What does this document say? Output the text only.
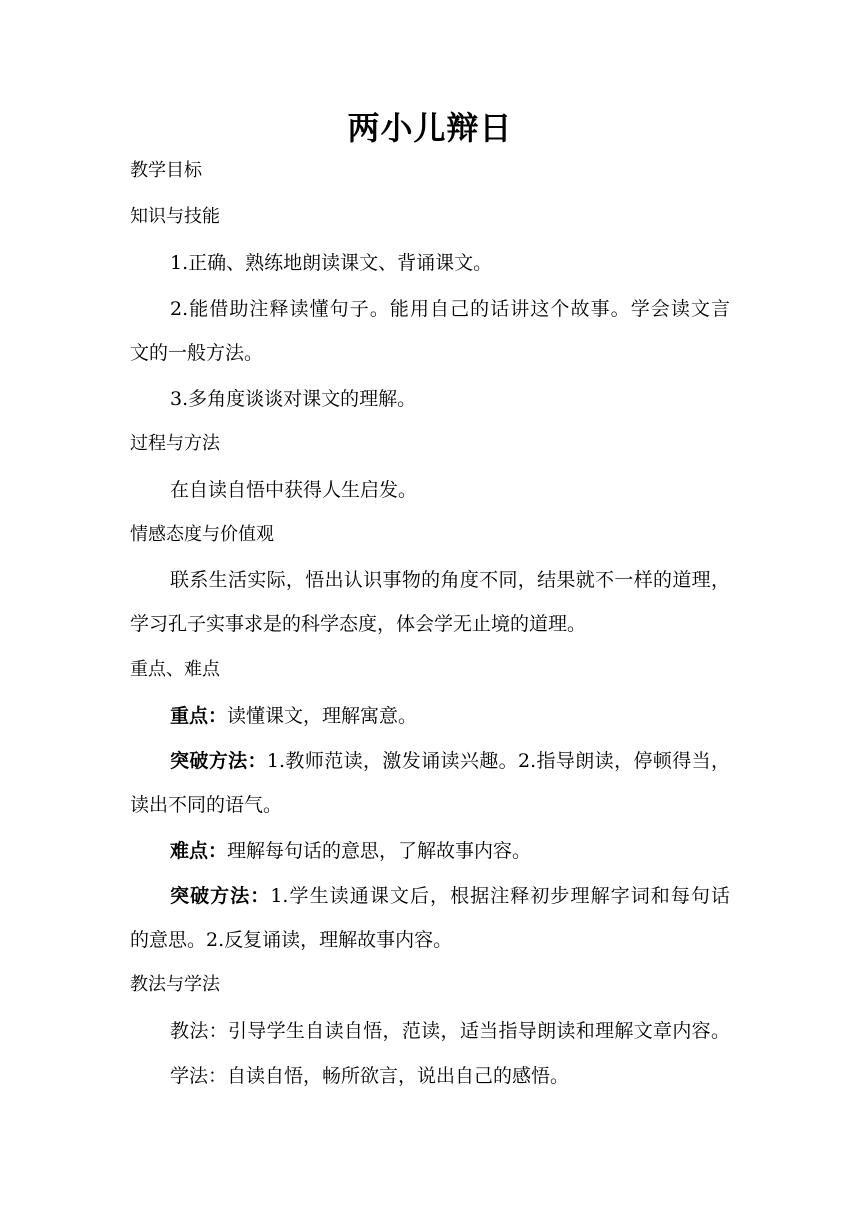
两小儿辩日
教学目标
知识与技能
1.正确、熟练地朗读课文、背诵课文。
2.能借助注释读懂句子。能用自己的话讲这个故事。学会读文言
文的一般方法。
3.多角度谈谈对课文的理解。
过程与方法
在自读自悟中获得人生启发。
情感态度与价值观
联系生活实际，悟出认识事物的角度不同，结果就不一样的道理，
学习孔子实事求是的科学态度，体会学无止境的道理。
重点、难点
重点：读懂课文，理解寓意。
突破方法：1.教师范读，激发诵读兴趣。2.指导朗读，停顿得当，
读出不同的语气。
难点：理解每句话的意思，了解故事内容。
突破方法：1.学生读通课文后，根据注释初步理解字词和每句话
的意思。2.反复诵读，理解故事内容。
教法与学法
教法：引导学生自读自悟，范读，适当指导朗读和理解文章内容。
学法：自读自悟，畅所欲言，说出自己的感悟。
